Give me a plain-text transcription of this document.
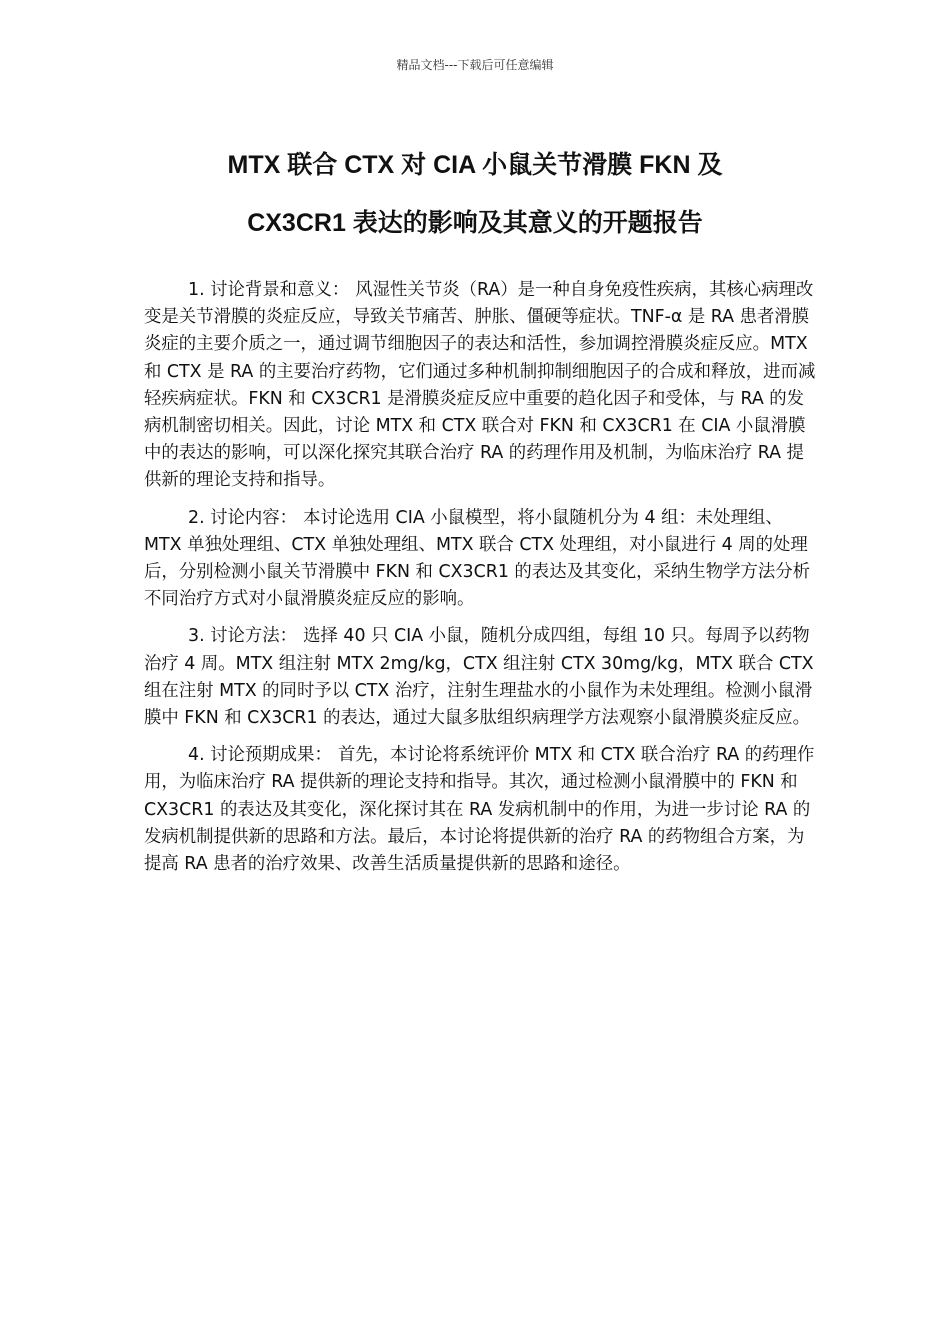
精品文档---下载后可任意编辑
MTX 联合 CTX 对 CIA 小鼠关节滑膜 FKN 及
CX3CR1 表达的影响及其意义的开题报告

1. 讨论背景和意义： 风湿性关节炎（RA）是一种自身免疫性疾病，其核心病理改变是关节滑膜的炎症反应，导致关节痛苦、肿胀、僵硬等症状。TNF-α 是 RA 患者滑膜炎症的主要介质之一，通过调节细胞因子的表达和活性，参加调控滑膜炎症反应。MTX 和 CTX 是 RA 的主要治疗药物，它们通过多种机制抑制细胞因子的合成和释放，进而减轻疾病症状。FKN 和 CX3CR1 是滑膜炎症反应中重要的趋化因子和受体，与 RA 的发病机制密切相关。因此，讨论 MTX 和 CTX 联合对 FKN 和 CX3CR1 在 CIA 小鼠滑膜中的表达的影响，可以深化探究其联合治疗 RA 的药理作用及机制，为临床治疗 RA 提供新的理论支持和指导。

2. 讨论内容： 本讨论选用 CIA 小鼠模型，将小鼠随机分为 4 组：未处理组、MTX 单独处理组、CTX 单独处理组、MTX 联合 CTX 处理组，对小鼠进行 4 周的处理后，分别检测小鼠关节滑膜中 FKN 和 CX3CR1 的表达及其变化，采纳生物学方法分析不同治疗方式对小鼠滑膜炎症反应的影响。

3. 讨论方法： 选择 40 只 CIA 小鼠，随机分成四组，每组 10 只。每周予以药物治疗 4 周。MTX 组注射 MTX 2mg/kg，CTX 组注射 CTX 30mg/kg，MTX 联合 CTX 组在注射 MTX 的同时予以 CTX 治疗，注射生理盐水的小鼠作为未处理组。检测小鼠滑膜中 FKN 和 CX3CR1 的表达，通过大鼠多肽组织病理学方法观察小鼠滑膜炎症反应。

4. 讨论预期成果： 首先，本讨论将系统评价 MTX 和 CTX 联合治疗 RA 的药理作用，为临床治疗 RA 提供新的理论支持和指导。其次，通过检测小鼠滑膜中的 FKN 和 CX3CR1 的表达及其变化，深化探讨其在 RA 发病机制中的作用，为进一步讨论 RA 的发病机制提供新的思路和方法。最后，本讨论将提供新的治疗 RA 的药物组合方案，为提高 RA 患者的治疗效果、改善生活质量提供新的思路和途径。
